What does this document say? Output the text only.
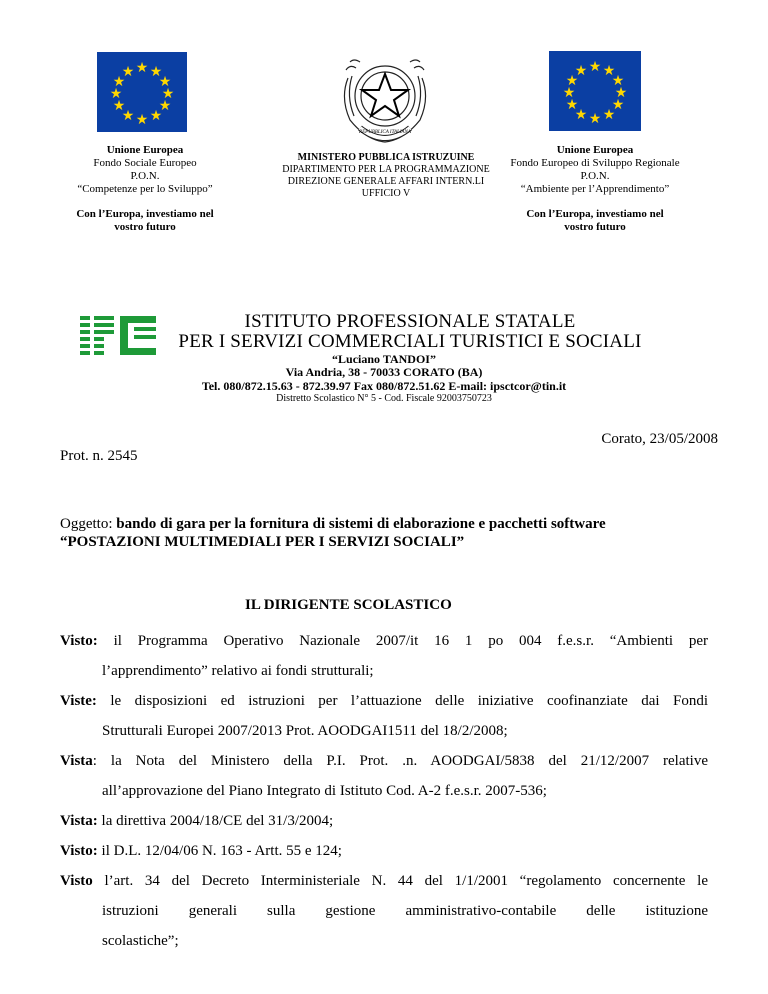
★ ★
★
★
★
★
★
★
★
★
★
★
Unione Europea
Fondo Sociale Europeo
P.O.N.
“Competenze per lo Sviluppo”
Con l’Europa, investiamo nel vostro futuro
REPUBBLICA ITALIANA
MINISTERO PUBBLICA ISTRUZUINE
DIPARTIMENTO PER LA PROGRAMMAZIONE
DIREZIONE GENERALE AFFARI INTERN.LI
UFFICIO V
★ ★
★
★
★
★
★
★
★
★
★
★
Unione Europea
Fondo Europeo di Sviluppo Regionale
P.O.N.
“Ambiente per l’Apprendimento”
Con l’Europa, investiamo nel vostro futuro
ISTITUTO PROFESSIONALE STATALE
PER I SERVIZI COMMERCIALI TURISTICI E SOCIALI
“Luciano TANDOI”
Via Andria, 38 - 70033 CORATO (BA)
Tel. 080/872.15.63 - 872.39.97 Fax 080/872.51.62 E-mail: ipsctcor@tin.it
Distretto Scolastico N° 5 - Cod. Fiscale 92003750723
Corato, 23/05/2008
Prot. n. 2545
Oggetto: bando di gara per la fornitura di sistemi di elaborazione e pacchetti software
“POSTAZIONI MULTIMEDIALI PER I SERVIZI SOCIALI”
IL DIRIGENTE SCOLASTICO
Visto: il Programma Operativo Nazionale 2007/it 16 1 po 004 f.e.s.r. “Ambienti per
l’apprendimento” relativo ai fondi strutturali;
Viste: le disposizioni ed istruzioni per l’attuazione delle iniziative coofinanziate dai Fondi
Strutturali Europei 2007/2013 Prot. AOODGAI1511 del 18/2/2008;
Vista: la Nota del Ministero della P.I. Prot. .n. AOODGAI/5838 del 21/12/2007 relative
all’approvazione del Piano Integrato di Istituto Cod. A-2 f.e.s.r. 2007-536;
Vista: la direttiva 2004/18/CE del 31/3/2004;
Visto: il D.L. 12/04/06 N. 163 - Artt. 55 e 124;
Visto l’art. 34 del Decreto Interministeriale N. 44 del 1/1/2001 “regolamento concernente le
istruzioni generali sulla gestione amministrativo-contabile delle istituzione
scolastiche”;
